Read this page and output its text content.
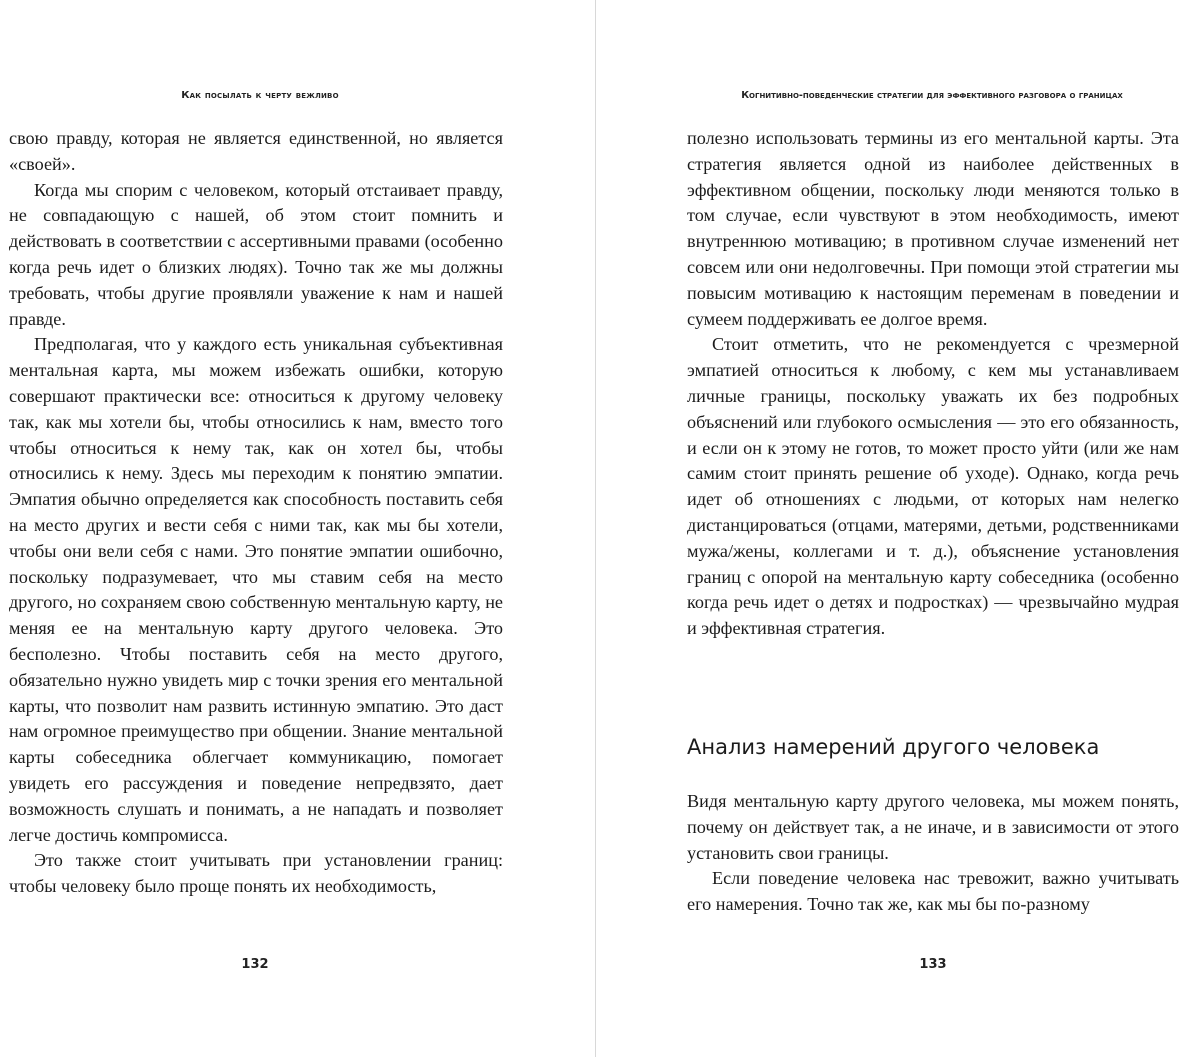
Как посылать к черту вежливо

свою правду, которая не является единственной, но является «своей».

Когда мы спорим с человеком, который отстаивает правду, не совпадающую с нашей, об этом стоит помнить и действовать в соответствии с ассертивными правами (особенно когда речь идет о близких людях). Точно так же мы должны требовать, чтобы другие проявляли уважение к нам и нашей правде.

Предполагая, что у каждого есть уникальная субъективная ментальная карта, мы можем избежать ошибки, которую совершают практически все: относиться к другому человеку так, как мы хотели бы, чтобы относились к нам, вместо того чтобы относиться к нему так, как он хотел бы, чтобы относились к нему. Здесь мы переходим к понятию эмпатии. Эмпатия обычно определяется как способность поставить себя на место других и вести себя с ними так, как мы бы хотели, чтобы они вели себя с нами. Это понятие эмпатии ошибочно, поскольку подразумевает, что мы ставим себя на место другого, но сохраняем свою собственную ментальную карту, не меняя ее на ментальную карту другого человека. Это бесполезно. Чтобы поставить себя на место другого, обязательно нужно увидеть мир с точки зрения его ментальной карты, что позволит нам развить истинную эмпатию. Это даст нам огромное преимущество при общении. Знание ментальной карты собеседника облегчает коммуникацию, помогает увидеть его рассуждения и поведение непредвзято, дает возможность слушать и понимать, а не нападать и позволяет легче достичь компромисса.

Это также стоит учитывать при установлении границ: чтобы человеку было проще понять их необходимость,

132
Когнитивно-поведенческие стратегии для эффективного разговора о границах

полезно использовать термины из его ментальной карты. Эта стратегия является одной из наиболее действенных в эффективном общении, поскольку люди меняются только в том случае, если чувствуют в этом необходимость, имеют внутреннюю мотивацию; в противном случае изменений нет совсем или они недолговечны. При помощи этой стратегии мы повысим мотивацию к настоящим переменам в поведении и сумеем поддерживать ее долгое время.

Стоит отметить, что не рекомендуется с чрезмерной эмпатией относиться к любому, с кем мы устанавливаем личные границы, поскольку уважать их без подробных объяснений или глубокого осмысления — это его обязанность, и если он к этому не готов, то может просто уйти (или же нам самим стоит принять решение об уходе). Однако, когда речь идет об отношениях с людьми, от которых нам нелегко дистанцироваться (отцами, матерями, детьми, родственниками мужа/жены, коллегами и т. д.), объяснение установления границ с опорой на ментальную карту собеседника (особенно когда речь идет о детях и подростках) — чрезвычайно мудрая и эффективная стратегия.

Анализ намерений другого человека

Видя ментальную карту другого человека, мы можем понять, почему он действует так, а не иначе, и в зависимости от этого установить свои границы.

Если поведение человека нас тревожит, важно учитывать его намерения. Точно так же, как мы бы по-разному

133
